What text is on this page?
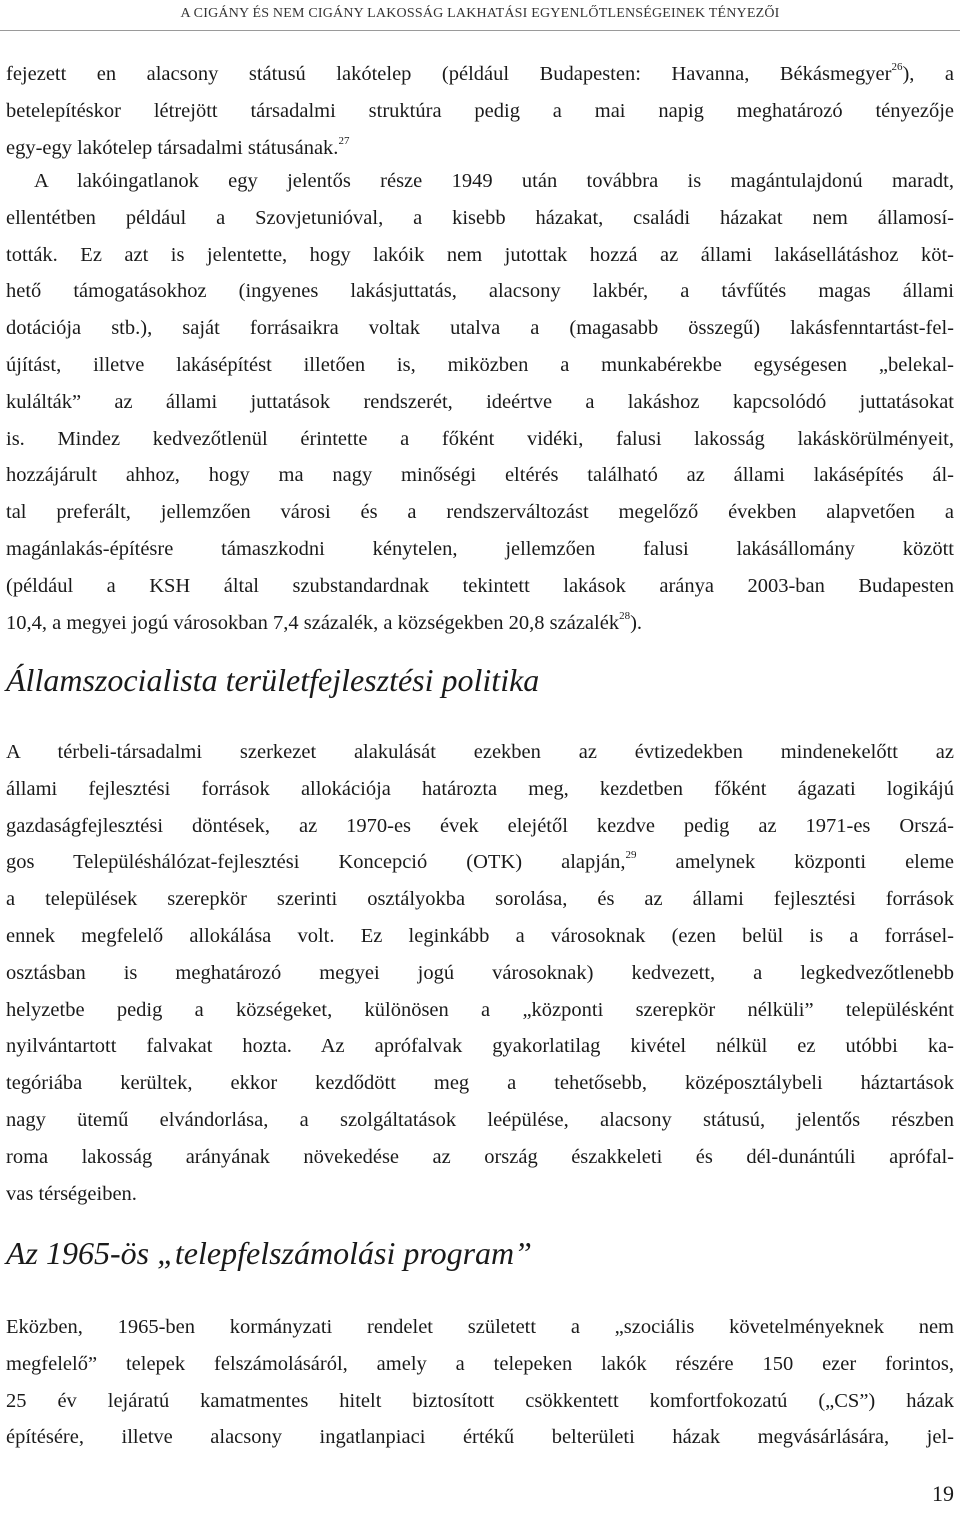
A CIGÁNY ÉS NEM CIGÁNY LAKOSSÁG LAKHATÁSI EGYENLŐTLENSÉGEINEK TÉNYEZŐI
fejezett en alacsony státusú lakótelep (például Budapesten: Havanna, Békásmegyer$^{26}$), a
betelepítéskor létrejött társadalmi struktúra pedig a mai napig meghatározó tényezője
egy-egy lakótelep társadalmi státusának.$^{27}$
A lakóingatlanok egy jelentős része 1949 után továbbra is magántulajdonú maradt,
ellentétben például a Szovjetunióval, a kisebb házakat, családi házakat nem államosí-
tották. Ez azt is jelentette, hogy lakóik nem jutottak hozzá az állami lakásellátáshoz köt-
hető támogatásokhoz (ingyenes lakásjuttatás, alacsony lakbér, a távfűtés magas állami
dotációja stb.), saját forrásaikra voltak utalva a (magasabb összegű) lakásfenntartást-fel-
újítást, illetve lakásépítést illetően is, miközben a munkabérekbe egységesen „belekal-
kulálták” az állami juttatások rendszerét, ideértve a lakáshoz kapcsolódó juttatásokat
is. Mindez kedvezőtlenül érintette a főként vidéki, falusi lakosság lakáskörülményeit,
hozzájárult ahhoz, hogy ma nagy minőségi eltérés található az állami lakásépítés ál-
tal preferált, jellemzően városi és a rendszerváltozást megelőző években alapvetően a
magánlakás-építésre támaszkodni kénytelen, jellemzően falusi lakásállomány között
(például a KSH által szubstandardnak tekintett lakások aránya 2003-ban Budapesten
10,4, a megyei jogú városokban 7,4 százalék, a községekben 20,8 százalék$^{28}$).
Államszocialista területfejlesztési politika
A térbeli-társadalmi szerkezet alakulását ezekben az évtizedekben mindenekelőtt az
állami fejlesztési források allokációja határozta meg, kezdetben főként ágazati logikájú
gazdaságfejlesztési döntések, az 1970-es évek elejétől kezdve pedig az 1971-es Orszá-
gos Településhálózat-fejlesztési Koncepció (OTK) alapján,$^{29}$ amelynek központi eleme
a települések szerepkör szerinti osztályokba sorolása, és az állami fejlesztési források
ennek megfelelő allokálása volt. Ez leginkább a városoknak (ezen belül is a forrásel-
osztásban is meghatározó megyei jogú városoknak) kedvezett, a legkedvezőtlenebb
helyzetbe pedig a községeket, különösen a „központi szerepkör nélküli” településként
nyilvántartott falvakat hozta. Az aprófalvak gyakorlatilag kivétel nélkül ez utóbbi ka-
tegóriába kerültek, ekkor kezdődött meg a tehetősebb, középosztálybeli háztartások
nagy ütemű elvándorlása, a szolgáltatások leépülése, alacsony státusú, jelentős részben
roma lakosság arányának növekedése az ország északkeleti és dél-dunántúli aprófal-
vas térségeiben.
Az 1965-ös „telepfelszámolási program”
Eközben, 1965-ben kormányzati rendelet született a „szociális követelményeknek nem
megfelelő” telepek felszámolásáról, amely a telepeken lakók részére 150 ezer forintos,
25 év lejáratú kamatmentes hitelt biztosított csökkentett komfortfokozatú („CS”) házak
építésére, illetve alacsony ingatlanpiaci értékű belterületi házak megvásárlására, jel-
19
